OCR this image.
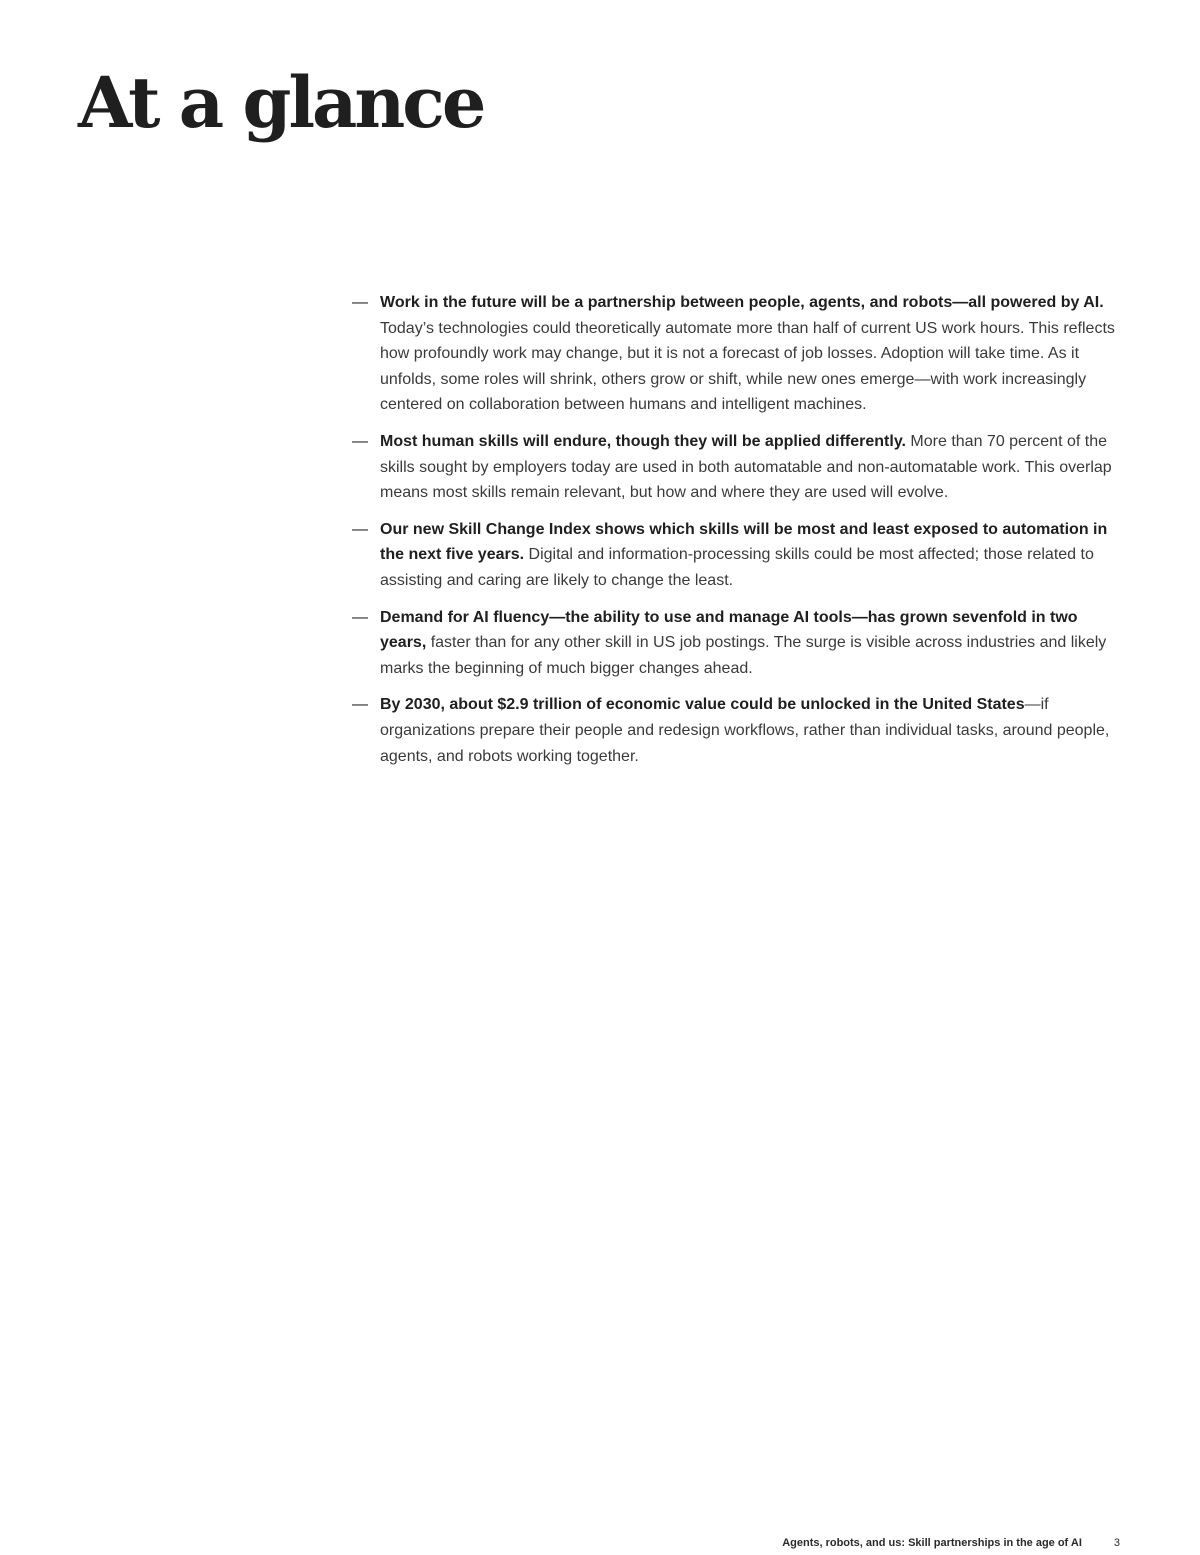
At a glance
— Work in the future will be a partnership between people, agents, and robots—all powered by AI. Today’s technologies could theoretically automate more than half of current US work hours. This reflects how profoundly work may change, but it is not a forecast of job losses. Adoption will take time. As it unfolds, some roles will shrink, others grow or shift, while new ones emerge—with work increasingly centered on collaboration between humans and intelligent machines.
— Most human skills will endure, though they will be applied differently. More than 70 percent of the skills sought by employers today are used in both automatable and non-automatable work. This overlap means most skills remain relevant, but how and where they are used will evolve.
— Our new Skill Change Index shows which skills will be most and least exposed to automation in the next five years. Digital and information-processing skills could be most affected; those related to assisting and caring are likely to change the least.
— Demand for AI fluency—the ability to use and manage AI tools—has grown sevenfold in two years, faster than for any other skill in US job postings. The surge is visible across industries and likely marks the beginning of much bigger changes ahead.
— By 2030, about $2.9 trillion of economic value could be unlocked in the United States—if organizations prepare their people and redesign workflows, rather than individual tasks, around people, agents, and robots working together.
Agents, robots, and us: Skill partnerships in the age of AI	3
